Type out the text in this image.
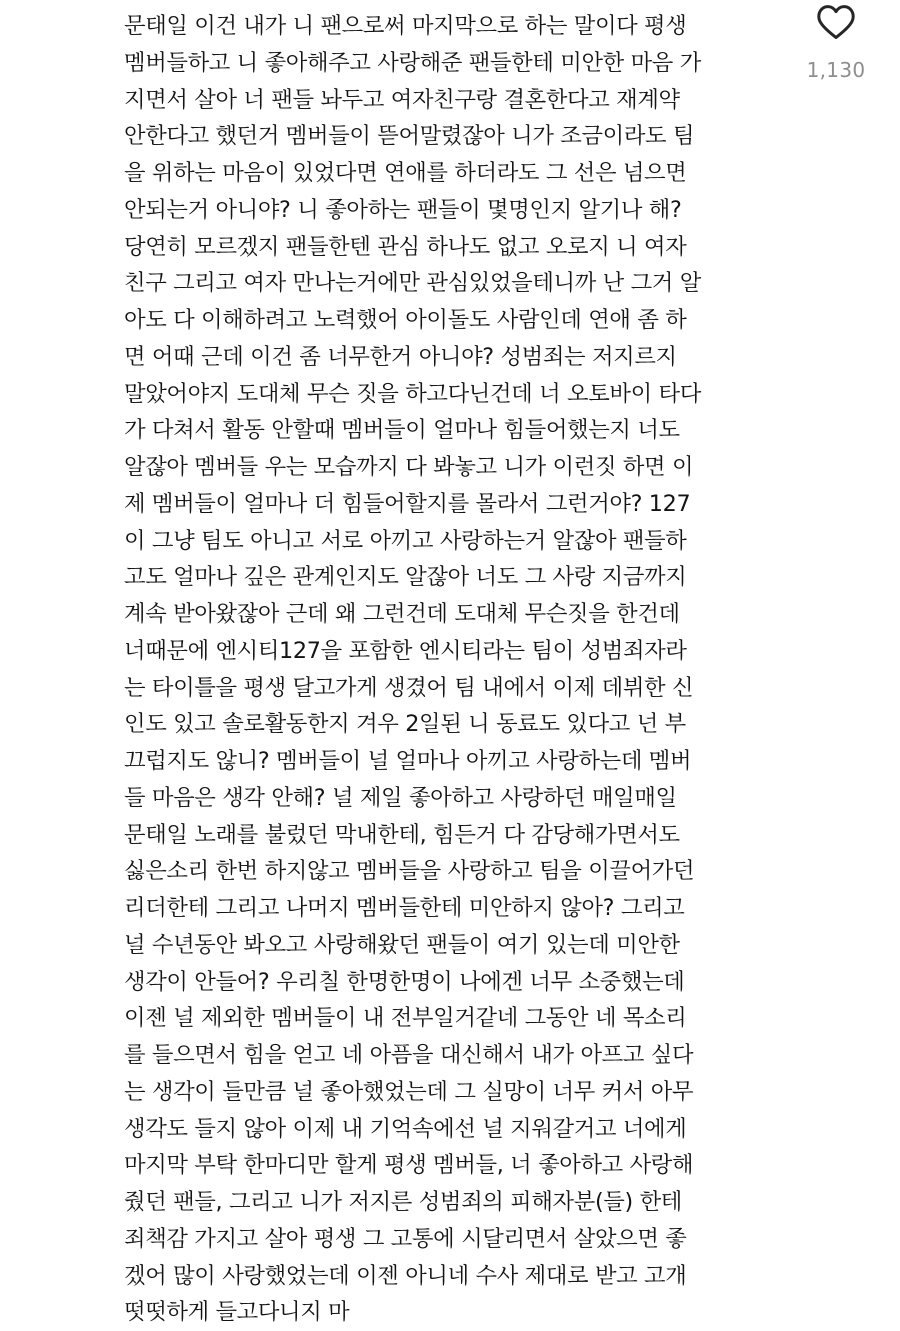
문태일 이건 내가 니 팬으로써 마지막으로 하는 말이다 평생
멤버들하고 니 좋아해주고 사랑해준 팬들한테 미안한 마음 가
지면서 살아 너 팬들 놔두고 여자친구랑 결혼한다고 재계약
안한다고 했던거 멤버들이 뜯어말렸잖아 니가 조금이라도 팀
을 위하는 마음이 있었다면 연애를 하더라도 그 선은 넘으면
안되는거 아니야? 니 좋아하는 팬들이 몇명인지 알기나 해?
당연히 모르겠지 팬들한텐 관심 하나도 없고 오로지 니 여자
친구 그리고 여자 만나는거에만 관심있었을테니까 난 그거 알
아도 다 이해하려고 노력했어 아이돌도 사람인데 연애 좀 하
면 어때 근데 이건 좀 너무한거 아니야? 성범죄는 저지르지
말았어야지 도대체 무슨 짓을 하고다닌건데 너 오토바이 타다
가 다쳐서 활동 안할때 멤버들이 얼마나 힘들어했는지 너도
알잖아 멤버들 우는 모습까지 다 봐놓고 니가 이런짓 하면 이
제 멤버들이 얼마나 더 힘들어할지를 몰라서 그런거야? 127
이 그냥 팀도 아니고 서로 아끼고 사랑하는거 알잖아 팬들하
고도 얼마나 깊은 관계인지도 알잖아 너도 그 사랑 지금까지
계속 받아왔잖아 근데 왜 그런건데 도대체 무슨짓을 한건데
너때문에 엔시티127을 포함한 엔시티라는 팀이 성범죄자라
는 타이틀을 평생 달고가게 생겼어 팀 내에서 이제 데뷔한 신
인도 있고 솔로활동한지 겨우 2일된 니 동료도 있다고 넌 부
끄럽지도 않니? 멤버들이 널 얼마나 아끼고 사랑하는데 멤버
들 마음은 생각 안해? 널 제일 좋아하고 사랑하던 매일매일
문태일 노래를 불렀던 막내한테, 힘든거 다 감당해가면서도
싫은소리 한번 하지않고 멤버들을 사랑하고 팀을 이끌어가던
리더한테 그리고 나머지 멤버들한테 미안하지 않아? 그리고
널 수년동안 봐오고 사랑해왔던 팬들이 여기 있는데 미안한
생각이 안들어? 우리칠 한명한명이 나에겐 너무 소중했는데
이젠 널 제외한 멤버들이 내 전부일거같네 그동안 네 목소리
를 들으면서 힘을 얻고 네 아픔을 대신해서 내가 아프고 싶다
는 생각이 들만큼 널 좋아했었는데 그 실망이 너무 커서 아무
생각도 들지 않아 이제 내 기억속에선 널 지워갈거고 너에게
마지막 부탁 한마디만 할게 평생 멤버들, 너 좋아하고 사랑해
줬던 팬들, 그리고 니가 저지른 성범죄의 피해자분(들) 한테
죄책감 가지고 살아 평생 그 고통에 시달리면서 살았으면 좋
겠어 많이 사랑했었는데 이젠 아니네 수사 제대로 받고 고개
떳떳하게 들고다니지 마
1,130
